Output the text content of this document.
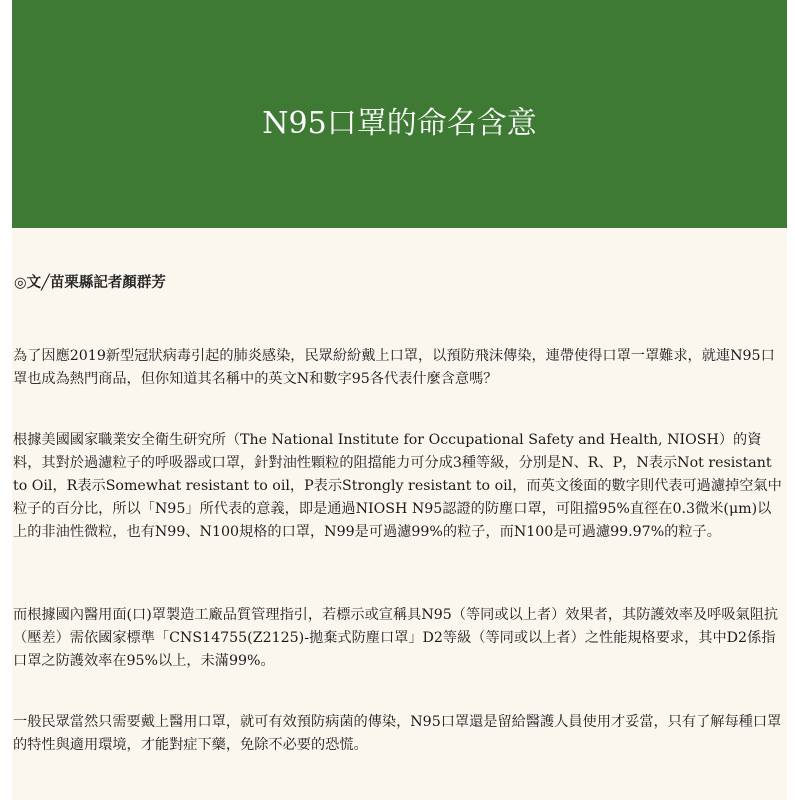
N95口罩的命名含意
◎文╱苗栗縣記者顏群芳

為了因應2019新型冠狀病毒引起的肺炎感染，民眾紛紛戴上口罩，以預防飛沫傳染，連帶使得口罩一罩難求，就連N95口罩也成為熱門商品，但你知道其名稱中的英文N和數字95各代表什麼含意嗎？

根據美國國家職業安全衛生研究所（The National Institute for Occupational Safety and Health, NIOSH）的資料，其對於過濾粒子的呼吸器或口罩，針對油性顆粒的阻擋能力可分成3種等級，分別是N、R、P，N表示Not resistant to Oil，R表示Somewhat resistant to oil，P表示Strongly resistant to oil，而英文後面的數字則代表可過濾掉空氣中粒子的百分比，所以「N95」所代表的意義，即是通過NIOSH N95認證的防塵口罩，可阻擋95%直徑在0.3微米(μm)以上的非油性微粒，也有N99、N100規格的口罩，N99是可過濾99%的粒子，而N100是可過濾99.97%的粒子。

而根據國內醫用面(口)罩製造工廠品質管理指引，若標示或宣稱具N95（等同或以上者）效果者，其防護效率及呼吸氣阻抗（壓差）需依國家標準「CNS14755(Z2125)-拋棄式防塵口罩」D2等級（等同或以上者）之性能規格要求，其中D2係指口罩之防護效率在95%以上，未滿99%。

一般民眾當然只需要戴上醫用口罩，就可有效預防病菌的傳染，N95口罩還是留給醫護人員使用才妥當，只有了解每種口罩的特性與適用環境，才能對症下藥，免除不必要的恐慌。
